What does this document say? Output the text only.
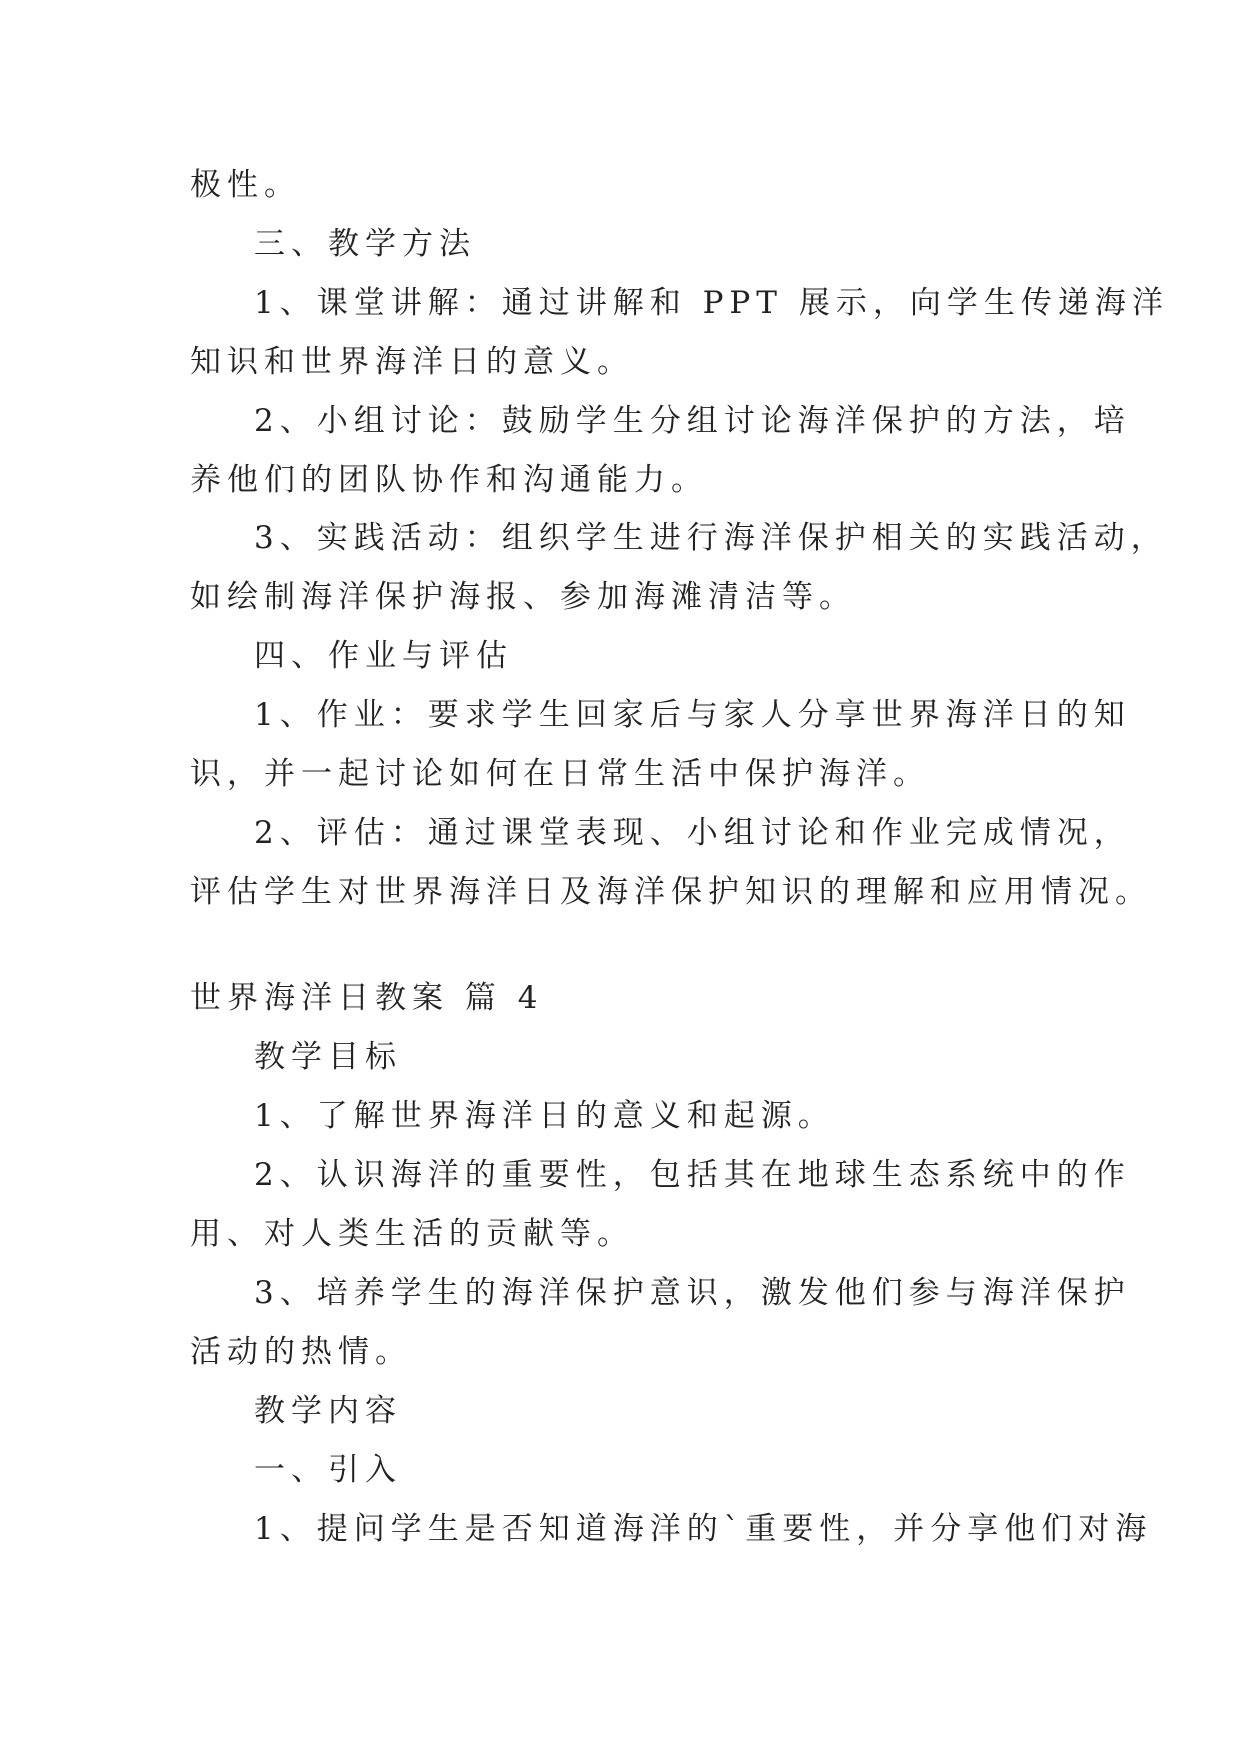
极性。
三、教学方法
1、课堂讲解：通过讲解和 PPT 展示，向学生传递海洋
知识和世界海洋日的意义。
2、小组讨论：鼓励学生分组讨论海洋保护的方法，培
养他们的团队协作和沟通能力。
3、实践活动：组织学生进行海洋保护相关的实践活动，
如绘制海洋保护海报、参加海滩清洁等。
四、作业与评估
1、作业：要求学生回家后与家人分享世界海洋日的知
识，并一起讨论如何在日常生活中保护海洋。
2、评估：通过课堂表现、小组讨论和作业完成情况，
评估学生对世界海洋日及海洋保护知识的理解和应用情况。
世界海洋日教案 篇 4
教学目标
1、了解世界海洋日的意义和起源。
2、认识海洋的重要性，包括其在地球生态系统中的作
用、对人类生活的贡献等。
3、培养学生的海洋保护意识，激发他们参与海洋保护
活动的热情。
教学内容
一、引入
1、提问学生是否知道海洋的`重要性，并分享他们对海
